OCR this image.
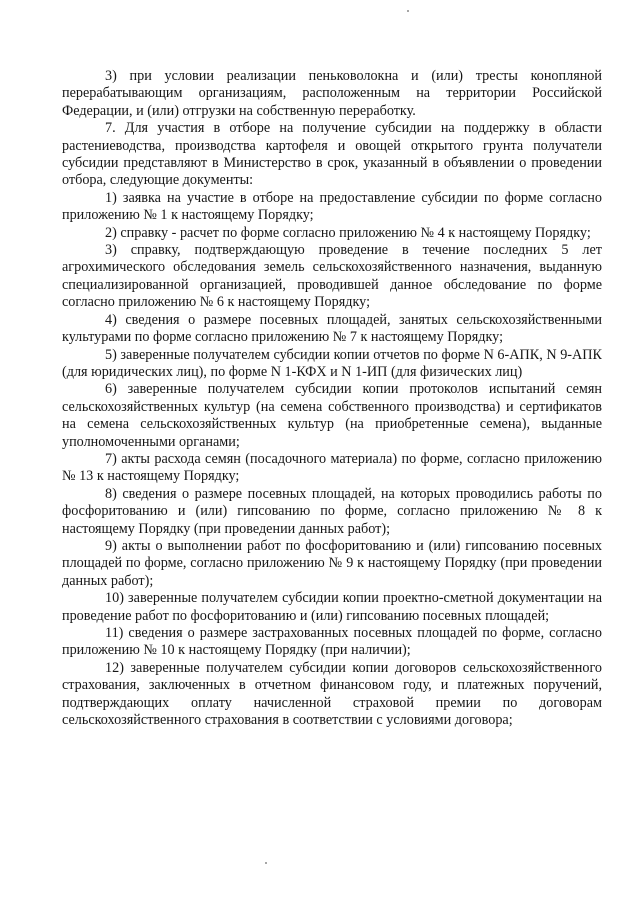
3) при условии реализации пеньковолокна и (или) тресты конопляной перерабатывающим организациям, расположенным на территории Российской Федерации, и (или) отгрузки на собственную переработку.

7. Для участия в отборе на получение субсидии на поддержку в области растениеводства, производства картофеля и овощей открытого грунта получатели субсидии представляют в Министерство в срок, указанный в объявлении о проведении отбора, следующие документы:

1) заявка на участие в отборе на предоставление субсидии по форме согласно приложению № 1 к настоящему Порядку;

2) справку - расчет по форме согласно приложению № 4 к настоящему Порядку;

3) справку, подтверждающую проведение в течение последних 5 лет агрохимического обследования земель сельскохозяйственного назначения, выданную специализированной организацией, проводившей данное обследование по форме согласно приложению № 6 к настоящему Порядку;

4) сведения о размере посевных площадей, занятых сельскохозяйственными культурами по форме согласно приложению № 7 к настоящему Порядку;

5) заверенные получателем субсидии копии отчетов по форме N 6-АПК, N 9-АПК (для юридических лиц), по форме N 1-КФХ и N 1-ИП (для физических лиц)

6) заверенные получателем субсидии копии протоколов испытаний семян сельскохозяйственных культур (на семена собственного производства) и сертификатов на семена сельскохозяйственных культур (на приобретенные семена), выданные уполномоченными органами;

7) акты расхода семян (посадочного материала) по форме, согласно приложению № 13 к настоящему Порядку;

8) сведения о размере посевных площадей, на которых проводились работы по фосфоритованию и (или) гипсованию по форме, согласно приложению № 8 к настоящему Порядку (при проведении данных работ);

9) акты о выполнении работ по фосфоритованию и (или) гипсованию посевных площадей по форме, согласно приложению № 9 к настоящему Порядку (при проведении данных работ);

10) заверенные получателем субсидии копии проектно-сметной документации на проведение работ по фосфоритованию и (или) гипсованию посевных площадей;

11) сведения о размере застрахованных посевных площадей по форме, согласно приложению № 10 к настоящему Порядку (при наличии);

12) заверенные получателем субсидии копии договоров сельскохозяйственного страхования, заключенных в отчетном финансовом году, и платежных поручений, подтверждающих оплату начисленной страховой премии по договорам сельскохозяйственного страхования в соответствии с условиями договора;
